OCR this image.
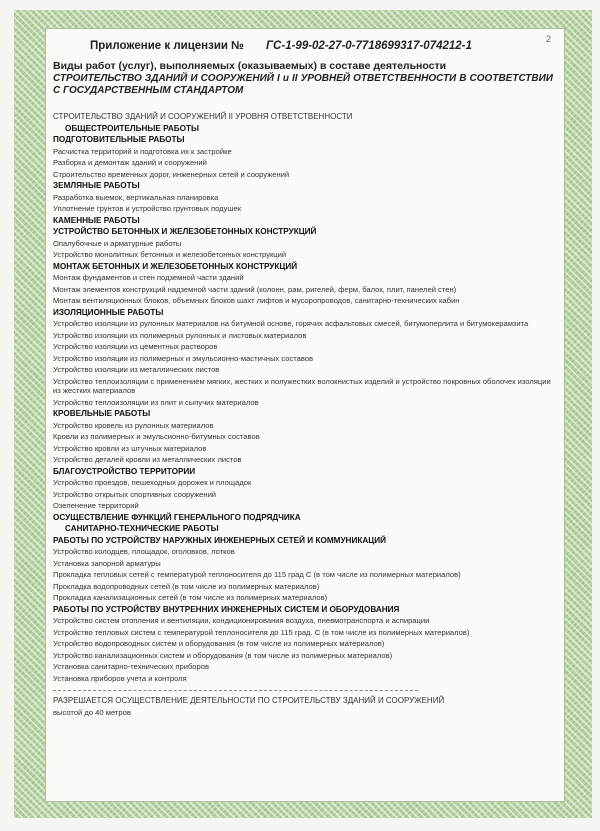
2
Приложение к лицензии № ГС-1-99-02-27-0-7718699317-074212-1
Виды работ (услуг), выполняемых (оказываемых) в составе деятельности
СТРОИТЕЛЬСТВО ЗДАНИЙ И СООРУЖЕНИЙ I и II УРОВНЕЙ ОТВЕТСТВЕННОСТИ В СООТВЕТСТВИИ С ГОСУДАРСТВЕННЫМ СТАНДАРТОМ
СТРОИТЕЛЬСТВО ЗДАНИЙ И СООРУЖЕНИЙ II УРОВНЯ ОТВЕТСТВЕННОСТИ
ОБЩЕСТРОИТЕЛЬНЫЕ РАБОТЫ
ПОДГОТОВИТЕЛЬНЫЕ РАБОТЫ
Расчистка территорий и подготовка их к застройке
Разборка и демонтаж зданий и сооружений
Строительство временных дорог, инженерных сетей и сооружений
ЗЕМЛЯНЫЕ РАБОТЫ
Разработка выемок, вертикальная планировка
Уплотнение грунтов и устройство грунтовых подушек
КАМЕННЫЕ РАБОТЫ
УСТРОЙСТВО БЕТОННЫХ И ЖЕЛЕЗОБЕТОННЫХ КОНСТРУКЦИЙ
Опалубочные и арматурные работы
Устройство монолитных бетонных и железобетонных конструкций
МОНТАЖ БЕТОННЫХ И ЖЕЛЕЗОБЕТОННЫХ КОНСТРУКЦИЙ
Монтаж фундаментов и стен подземной части зданий
Монтаж элементов конструкций надземной части зданий (колонн, рам, ригелей, ферм, балок, плит, панелей стен)
Монтаж вентиляционных блоков, объемных блоков шахт лифтов и мусоропроводов, санитарно-технических кабин
ИЗОЛЯЦИОННЫЕ РАБОТЫ
Устройство изоляции из рулонных материалов на битумной основе, горячих асфальтовых смесей, битумоперлита и битумокерамзита
Устройство изоляции из полимерных рулонных и листовых материалов
Устройство изоляции из цементных растворов
Устройство изоляции из полимерных и эмульсионно-мастичных составов
Устройство изоляции из металлических листов
Устройство теплоизоляции с применением мягких, жестких и полужестких волокнистых изделий и устройство покровных оболочек изоляции из жестких материалов
Устройство теплоизоляции из плит и сыпучих материалов
КРОВЕЛЬНЫЕ РАБОТЫ
Устройство кровель из рулонных материалов
Кровли из полимерных и эмульсионно-битумных составов
Устройство кровли из штучных материалов
Устройство деталей кровли из металлических листов
БЛАГОУСТРОЙСТВО ТЕРРИТОРИИ
Устройство проездов, пешеходных дорожек и площадок
Устройство открытых спортивных сооружений
Озеленение территорий
ОСУЩЕСТВЛЕНИЕ ФУНКЦИЙ ГЕНЕРАЛЬНОГО ПОДРЯДЧИКА
САНИТАРНО-ТЕХНИЧЕСКИЕ РАБОТЫ
РАБОТЫ ПО УСТРОЙСТВУ НАРУЖНЫХ ИНЖЕНЕРНЫХ СЕТЕЙ И КОММУНИКАЦИЙ
Устройство колодцев, площадок, оголовков, лотков
Установка запорной арматуры
Прокладка тепловых сетей с температурой теплоносителя до 115 град С (в том числе из полимерных материалов)
Прокладка водопроводных сетей (в том числе из полимерных материалов)
Прокладка канализационных сетей (в том числе из полимерных материалов)
РАБОТЫ ПО УСТРОЙСТВУ ВНУТРЕННИХ ИНЖЕНЕРНЫХ СИСТЕМ И ОБОРУДОВАНИЯ
Устройство систем отопления и вентиляции, кондиционирования воздуха, пневмотранспорта и аспирации
Устройство тепловых систем с температурой теплоносителя до 115 град. С (в том числе из полимерных материалов)
Устройство водопроводных систем и оборудования (в том числе из полимерных материалов)
Устройство канализационных систем и оборудования (в том числе из полимерных материалов)
Установка санитарно-технических приборов
Установка приборов учета и контроля
РАЗРЕШАЕТСЯ ОСУЩЕСТВЛЕНИЕ ДЕЯТЕЛЬНОСТИ ПО СТРОИТЕЛЬСТВУ ЗДАНИЙ И СООРУЖЕНИЙ
высотой до 40 метров
